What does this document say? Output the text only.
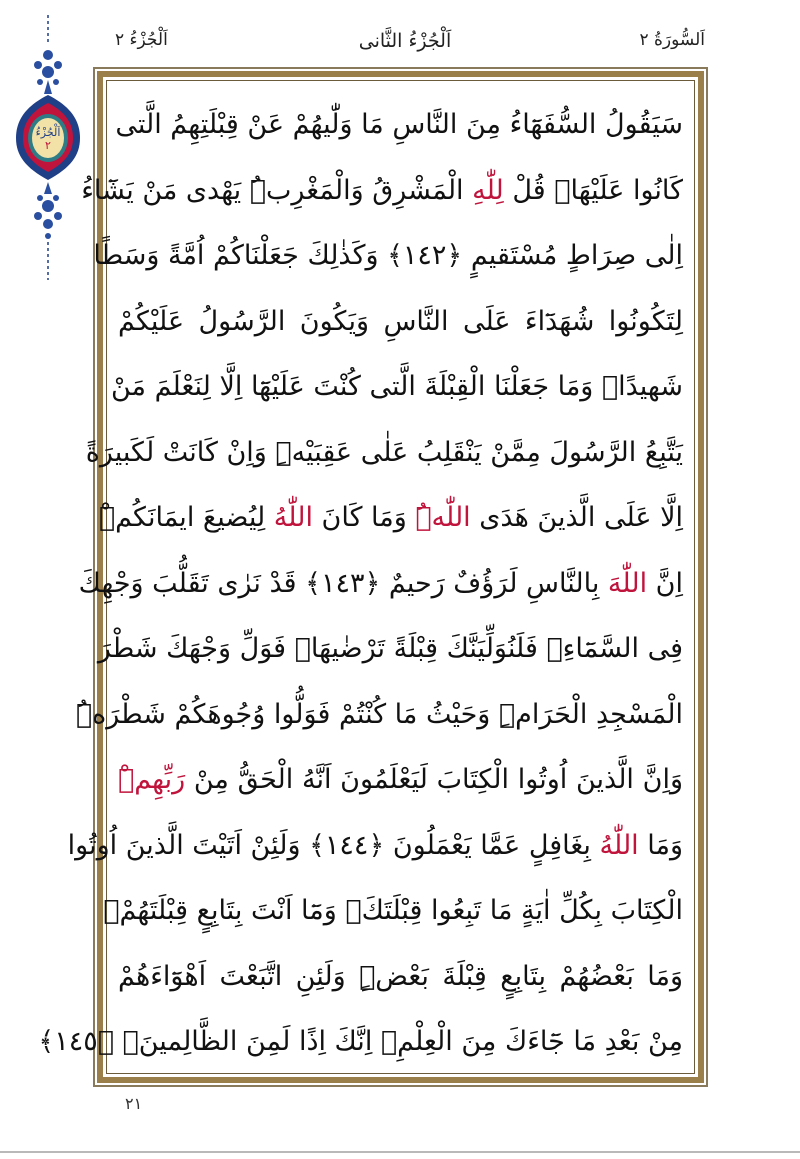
اَلْجُزْءُ ٢	اَلْجُزْءُ الثَّانى	اَلسُّورَةُ ٢
اَلْجُزْءُ
٢
سَيَقُولُ السُّفَهَٓاءُ مِنَ النَّاسِ مَا وَلّٰيهُمْ عَنْ قِبْلَتِهِمُ الَّتى
كَانُوا عَلَيْهَاۜ قُلْ لِلّٰهِ الْمَشْرِقُ وَالْمَغْرِبُۜ يَهْدى مَنْ يَشَٓاءُ
اِلٰى صِرَاطٍ مُسْتَقيمٍ ﴿١٤٢﴾ وَكَذٰلِكَ جَعَلْنَاكُمْ اُمَّةً وَسَطًا
لِتَكُونُوا شُهَدَٓاءَ عَلَى النَّاسِ وَيَكُونَ الرَّسُولُ عَلَيْكُمْ
شَهيدًاۜ وَمَا جَعَلْنَا الْقِبْلَةَ الَّتى كُنْتَ عَلَيْهَٓا اِلَّا لِنَعْلَمَ مَنْ
يَتَّبِعُ الرَّسُولَ مِمَّنْ يَنْقَلِبُ عَلٰى عَقِبَيْهِۜ وَاِنْ كَانَتْ لَكَبيرَةً
اِلَّا عَلَى الَّذينَ هَدَى اللّٰهُۜ وَمَا كَانَ اللّٰهُ لِيُضيعَ ايمَانَكُمْۜ
اِنَّ اللّٰهَ بِالنَّاسِ لَرَؤُفٌ رَحيمٌ ﴿١٤٣﴾ قَدْ نَرٰى تَقَلُّبَ وَجْهِكَ
فِى السَّمَٓاءِۚ فَلَنُوَلِّيَنَّكَ قِبْلَةً تَرْضٰيهَاۖ فَوَلِّ وَجْهَكَ شَطْرَ
الْمَسْجِدِ الْحَرَامِۜ وَحَيْثُ مَا كُنْتُمْ فَوَلُّوا وُجُوهَكُمْ شَطْرَهُۜ
وَاِنَّ الَّذينَ اُوتُوا الْكِتَابَ لَيَعْلَمُونَ اَنَّهُ الْحَقُّ مِنْ رَبِّهِمْ
وَمَا اللّٰهُ بِغَافِلٍ عَمَّا يَعْمَلُونَ ﴿١٤٤﴾ وَلَئِنْ اَتَيْتَ الَّذينَ اُوتُوا
الْكِتَابَ بِكُلِّ اٰيَةٍ مَا تَبِعُوا قِبْلَتَكَۚ وَمَٓا اَنْتَ بِتَابِعٍ قِبْلَتَهُمْۚ
وَمَا بَعْضُهُمْ بِتَابِعٍ قِبْلَةَ بَعْضٍۜ وَلَئِنِ اتَّبَعْتَ اَهْوَٓاءَهُمْ
مِنْ بَعْدِ مَا جَٓاءَكَ مِنَ الْعِلْمِۙ اِنَّكَ اِذًا لَمِنَ الظَّالِمينَۢ ﴿١٤٥﴾
٢١
